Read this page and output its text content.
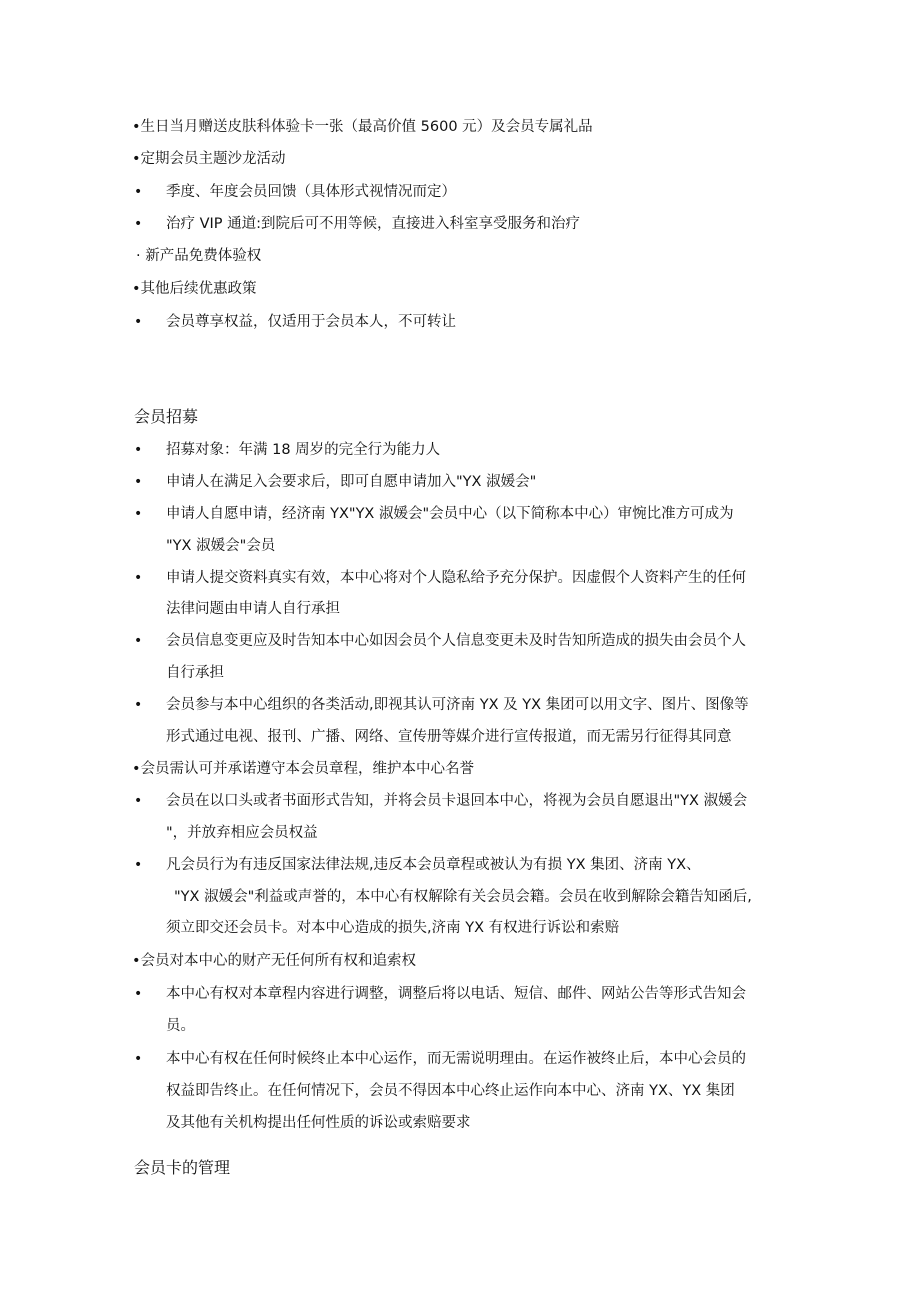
•生日当月赠送皮肤科体验卡一张（最高价值 5600 元）及会员专属礼品
•定期会员主题沙龙活动
• 季度、年度会员回馈（具体形式视情况而定）
• 治疗 VIP 通道:到院后可不用等候，直接进入科室享受服务和治疗
· 新产品免费体验权
•其他后续优惠政策
• 会员尊享权益，仅适用于会员本人，不可转让
会员招募
• 招募对象：年满 18 周岁的完全行为能力人
• 申请人在满足入会要求后，即可自愿申请加入"YX 淑媛会"
• 申请人自愿申请，经济南 YX"YX 淑媛会"会员中心（以下简称本中心）审惋比准方可成为
"YX 淑媛会"会员
• 申请人提交资料真实有效，本中心将对个人隐私给予充分保护。因虚假个人资料产生的任何
法律问题由申请人自行承担
• 会员信息变更应及时告知本中心如因会员个人信息变更未及时告知所造成的损失由会员个人
自行承担
• 会员参与本中心组织的各类活动,即视其认可济南 YX 及 YX 集团可以用文字、图片、图像等
形式通过电视、报刊、广播、网络、宣传册等媒介进行宣传报道，而无需另行征得其同意
•会员需认可并承诺遵守本会员章程，维护本中心名誉
• 会员在以口头或者书面形式告知，并将会员卡退回本中心，将视为会员自愿退出"YX 淑媛会
"，并放弃相应会员权益
• 凡会员行为有违反国家法律法规,违反本会员章程或被认为有损 YX 集团、济南 YX、
"YX 淑媛会"利益或声誉的，本中心有权解除有关会员会籍。会员在收到解除会籍告知函后,
须立即交还会员卡。对本中心造成的损失,济南 YX 有权进行诉讼和索赔
•会员对本中心的财产无任何所有权和追索权
• 本中心有权对本章程内容进行调整，调整后将以电话、短信、邮件、网站公告等形式告知会
员。
• 本中心有权在任何时候终止本中心运作，而无需说明理由。在运作被终止后，本中心会员的
权益即告终止。在任何情况下，会员不得因本中心终止运作向本中心、济南 YX、YX 集团
及其他有关机构提出任何性质的诉讼或索赔要求
会员卡的管理
